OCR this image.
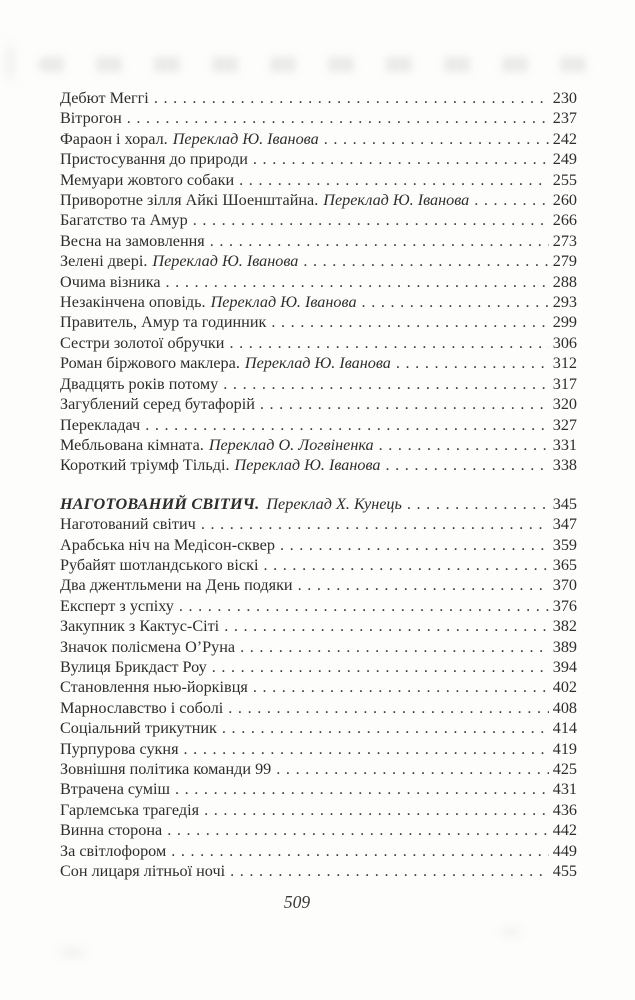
Дебют Меггі .....	230
Вітрогон .....	237
Фараон і хорал. Переклад Ю. Іванова .....	242
Пристосування до природи .....	249
Мемуари жовтого собаки .....	255
Приворотне зілля Айкі Шоенштайна. Переклад Ю. Іванова .....	260
Багатство та Амур .....	266
Весна на замовлення .....	273
Зелені двері. Переклад Ю. Іванова .....	279
Очима візника .....	288
Незакінчена оповідь. Переклад Ю. Іванова .....	293
Правитель, Амур та годинник .....	299
Сестри золотої обручки .....	306
Роман біржового маклера. Переклад Ю. Іванова .....	312
Двадцять років потому .....	317
Загублений серед бутафорій .....	320
Перекладач .....	327
Мебльована кімната. Переклад О. Логвіненка .....	331
Короткий тріумф Тільді. Переклад Ю. Іванова .....	338
НАГОТОВАНИЙ СВІТИЧ. Переклад Х. Кунець .....	345
Наготований світич .....	347
Арабська ніч на Медісон-сквер .....	359
Рубайят шотландського віскі .....	365
Два джентльмени на День подяки .....	370
Експерт з успіху .....	376
Закупник з Кактус-Сіті .....	382
Значок полісмена О’Руна .....	389
Вулиця Брикдаст Роу .....	394
Становлення нью-йорківця .....	402
Марнославство і соболі .....	408
Соціальний трикутник .....	414
Пурпурова сукня .....	419
Зовнішня політика команди 99 .....	425
Втрачена суміш .....	431
Гарлемська трагедія .....	436
Винна сторона .....	442
За світлофором .....	449
Сон лицаря літньої ночі .....	455
509
